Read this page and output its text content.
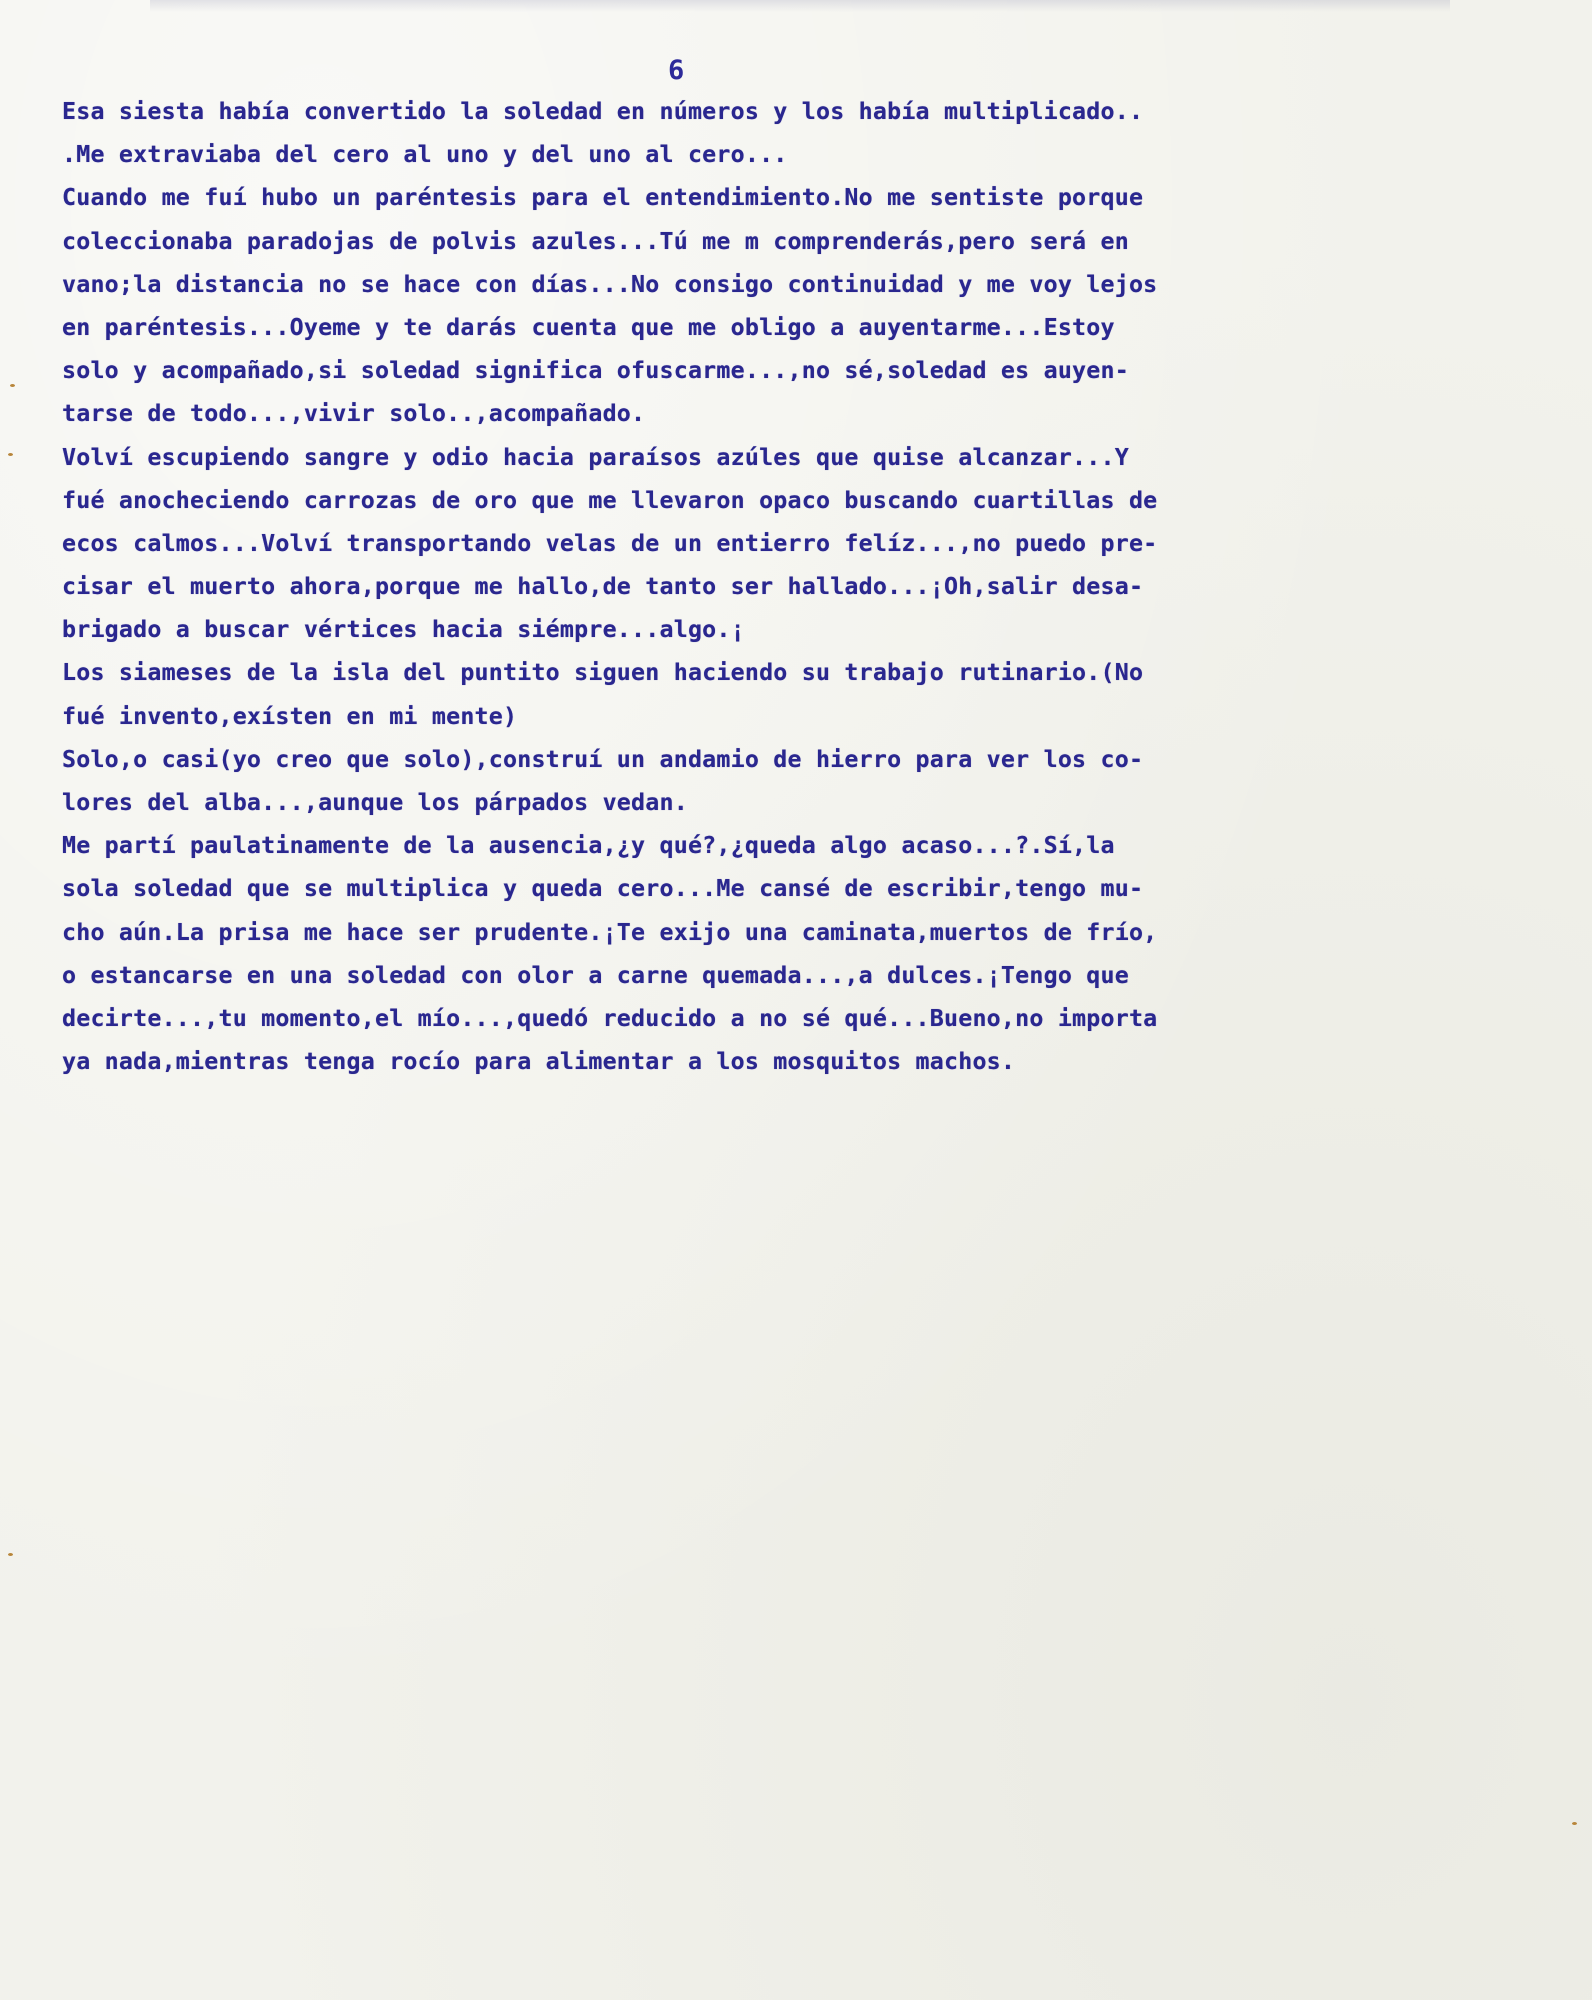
6
Esa siesta había convertido la soledad en números y los había multiplicado..
.Me extraviaba del cero al uno y del uno al cero...
Cuando me fuí hubo un paréntesis para el entendimiento.No me sentiste porque
coleccionaba paradojas de polvis azules...Tú me m comprenderás,pero será en
vano;la distancia no se hace con días...No consigo continuidad y me voy lejos
en paréntesis...Oyeme y te darás cuenta que me obligo a auyentarme...Estoy
solo y acompañado,si soledad significa ofuscarme...,no sé,soledad es auyen-
tarse de todo...,vivir solo..,acompañado.
Volví escupiendo sangre y odio hacia paraísos azúles que quise alcanzar...Y
fué anocheciendo carrozas de oro que me llevaron opaco buscando cuartillas de
ecos calmos...Volví transportando velas de un entierro felíz...,no puedo pre-
cisar el muerto ahora,porque me hallo,de tanto ser hallado...¡Oh,salir desa-
brigado a buscar vértices hacia siémpre...algo.¡
Los siameses de la isla del puntito siguen haciendo su trabajo rutinario.(No
fué invento,exísten en mi mente)
Solo,o casi(yo creo que solo),construí un andamio de hierro para ver los co-
lores del alba...,aunque los párpados vedan.
Me partí paulatinamente de la ausencia,¿y qué?,¿queda algo acaso...?.Sí,la
sola soledad que se multiplica y queda cero...Me cansé de escribir,tengo mu-
cho aún.La prisa me hace ser prudente.¡Te exijo una caminata,muertos de frío,
o estancarse en una soledad con olor a carne quemada...,a dulces.¡Tengo que
decirte...,tu momento,el mío...,quedó reducido a no sé qué...Bueno,no importa
ya nada,mientras tenga rocío para alimentar a los mosquitos machos.
